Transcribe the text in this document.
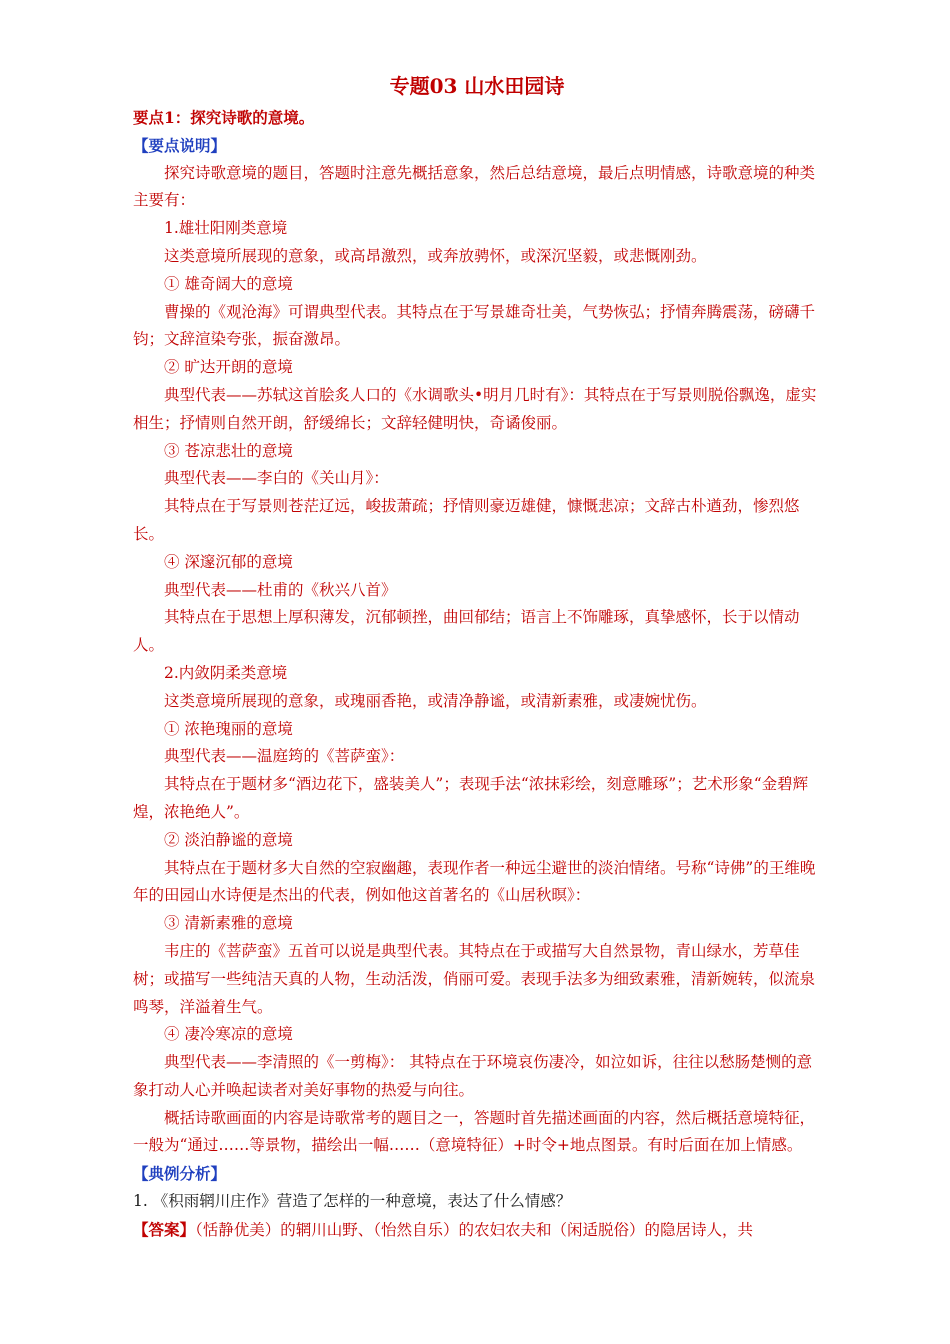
专题03 山水田园诗

要点1：探究诗歌的意境。

【要点说明】

探究诗歌意境的题目，答题时注意先概括意象，然后总结意境，最后点明情感，诗歌意境的种类主要有：

1.雄壮阳刚类意境

这类意境所展现的意象，或高昂激烈，或奔放骋怀，或深沉坚毅，或悲慨刚劲。

① 雄奇阔大的意境

曹操的《观沧海》可谓典型代表。其特点在于写景雄奇壮美，气势恢弘；抒情奔腾震荡，磅礴千钧；文辞渲染夸张，振奋激昂。

② 旷达开朗的意境

典型代表——苏轼这首脍炙人口的《水调歌头•明月几时有》：其特点在于写景则脱俗飘逸，虚实相生；抒情则自然开朗，舒缓绵长；文辞轻健明快，奇谲俊丽。

③ 苍凉悲壮的意境

典型代表——李白的《关山月》：

其特点在于写景则苍茫辽远，峻拔萧疏；抒情则豪迈雄健，慷慨悲凉；文辞古朴遒劲，惨烈悠长。

④ 深邃沉郁的意境

典型代表——杜甫的《秋兴八首》

其特点在于思想上厚积薄发，沉郁顿挫，曲回郁结；语言上不饰雕琢，真挚感怀，长于以情动人。

2.内敛阴柔类意境

这类意境所展现的意象，或瑰丽香艳，或清净静谧，或清新素雅，或凄婉忧伤。

① 浓艳瑰丽的意境

典型代表——温庭筠的《菩萨蛮》：

其特点在于题材多“酒边花下，盛装美人”；表现手法“浓抹彩绘，刻意雕琢”；艺术形象“金碧辉煌，浓艳绝人”。

② 淡泊静谧的意境

其特点在于题材多大自然的空寂幽趣，表现作者一种远尘避世的淡泊情绪。号称“诗佛”的王维晚年的田园山水诗便是杰出的代表，例如他这首著名的《山居秋暝》：

③ 清新素雅的意境

韦庄的《菩萨蛮》五首可以说是典型代表。其特点在于或描写大自然景物，青山绿水，芳草佳树；或描写一些纯洁天真的人物，生动活泼，俏丽可爱。表现手法多为细致素雅，清新婉转，似流泉鸣琴，洋溢着生气。

④ 凄冷寒凉的意境

典型代表——李清照的《一剪梅》： 其特点在于环境哀伤凄冷，如泣如诉，往往以愁肠楚恻的意象打动人心并唤起读者对美好事物的热爱与向往。

概括诗歌画面的内容是诗歌常考的题目之一，答题时首先描述画面的内容，然后概括意境特征，一般为“通过……等景物，描绘出一幅……（意境特征）+时令+地点图景。有时后面在加上情感。

【典例分析】

1. 《积雨辋川庄作》营造了怎样的一种意境，表达了什么情感？

【答案】（恬静优美）的辋川山野、（怡然自乐）的农妇农夫和（闲适脱俗）的隐居诗人，共
